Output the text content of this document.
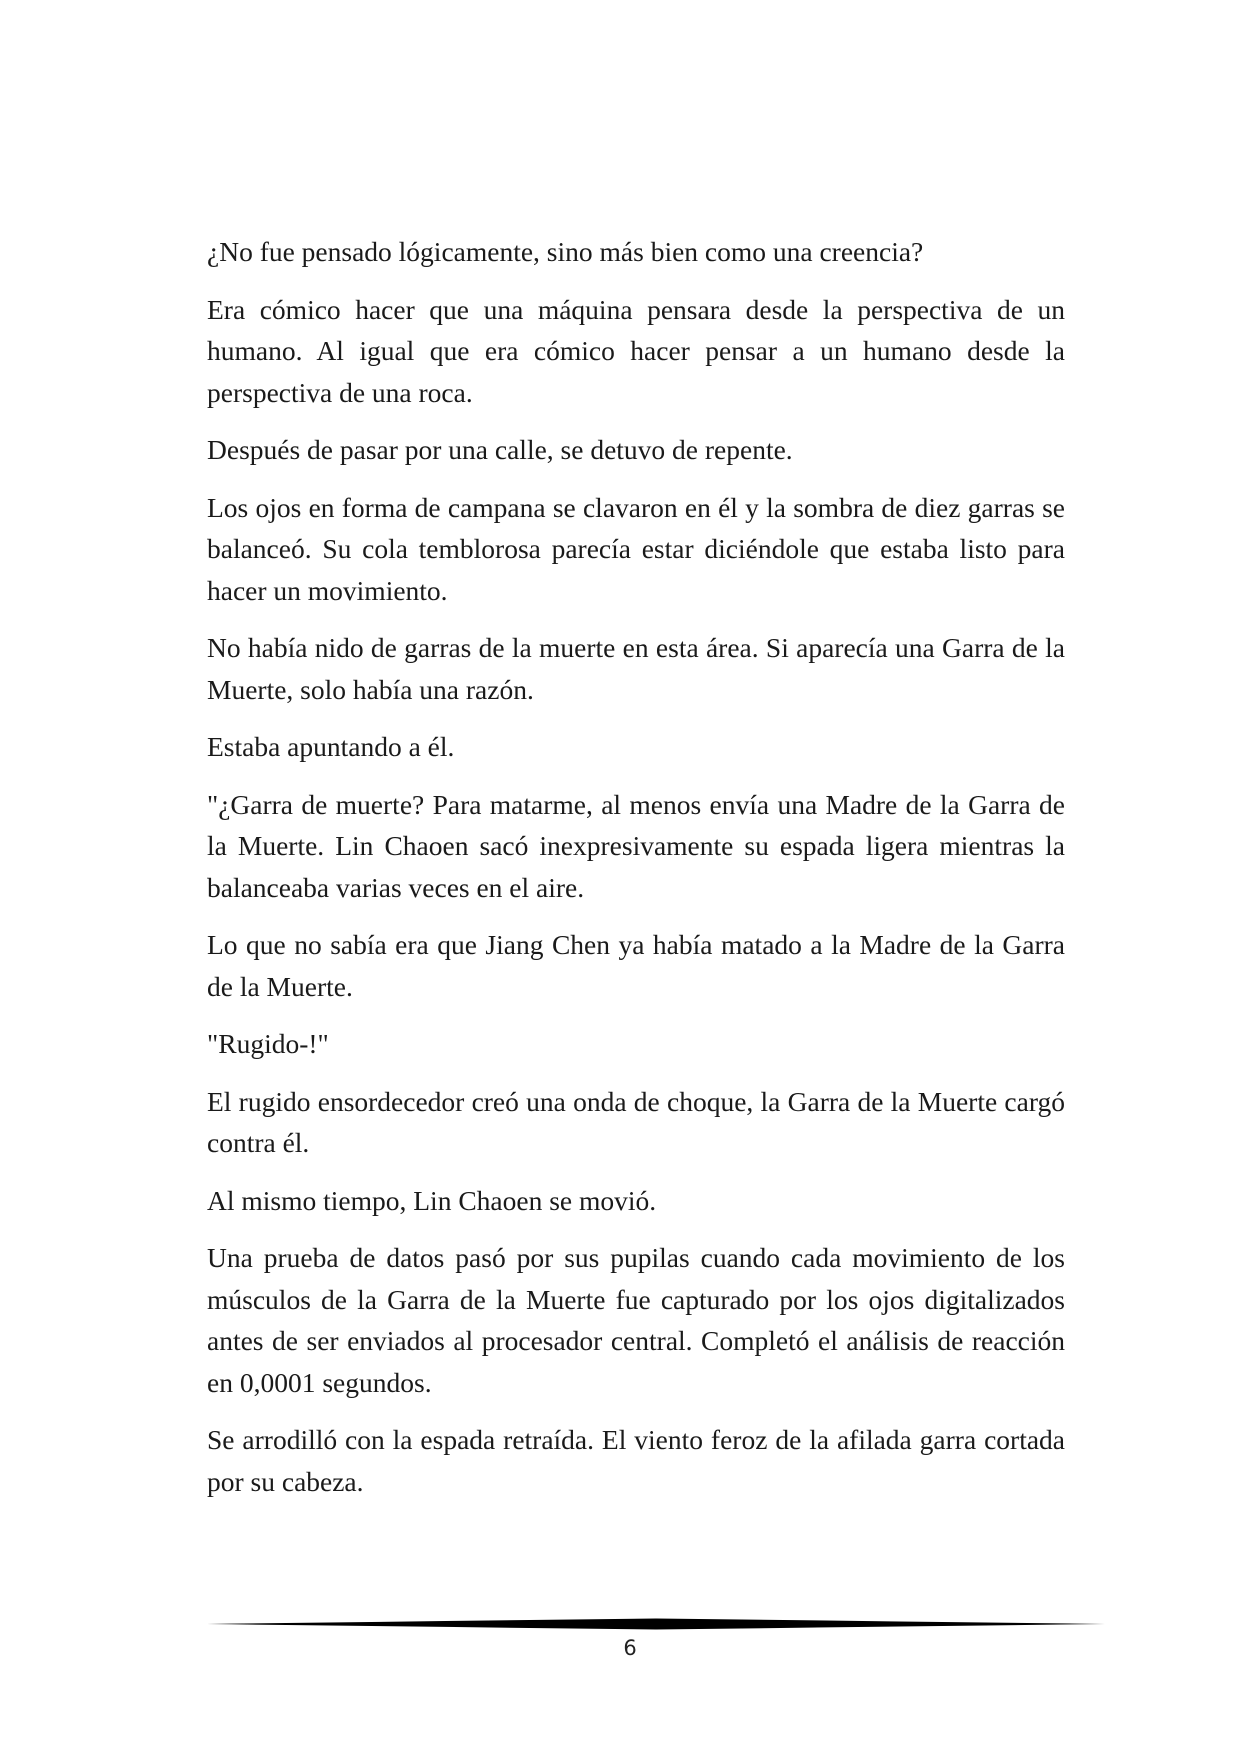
¿No fue pensado lógicamente, sino más bien como una creencia?

Era cómico hacer que una máquina pensara desde la perspectiva de un humano. Al igual que era cómico hacer pensar a un humano desde la perspectiva de una roca.

Después de pasar por una calle, se detuvo de repente.

Los ojos en forma de campana se clavaron en él y la sombra de diez garras se balanceó. Su cola temblorosa parecía estar diciéndole que estaba listo para hacer un movimiento.

No había nido de garras de la muerte en esta área. Si aparecía una Garra de la Muerte, solo había una razón.

Estaba apuntando a él.

"¿Garra de muerte? Para matarme, al menos envía una Madre de la Garra de la Muerte. Lin Chaoen sacó inexpresivamente su espada ligera mientras la balanceaba varias veces en el aire.

Lo que no sabía era que Jiang Chen ya había matado a la Madre de la Garra de la Muerte.

"Rugido-!"

El rugido ensordecedor creó una onda de choque, la Garra de la Muerte cargó contra él.

Al mismo tiempo, Lin Chaoen se movió.

Una prueba de datos pasó por sus pupilas cuando cada movimiento de los músculos de la Garra de la Muerte fue capturado por los ojos digitalizados antes de ser enviados al procesador central. Completó el análisis de reacción en 0,0001 segundos.

Se arrodilló con la espada retraída. El viento feroz de la afilada garra cortada por su cabeza.

6
